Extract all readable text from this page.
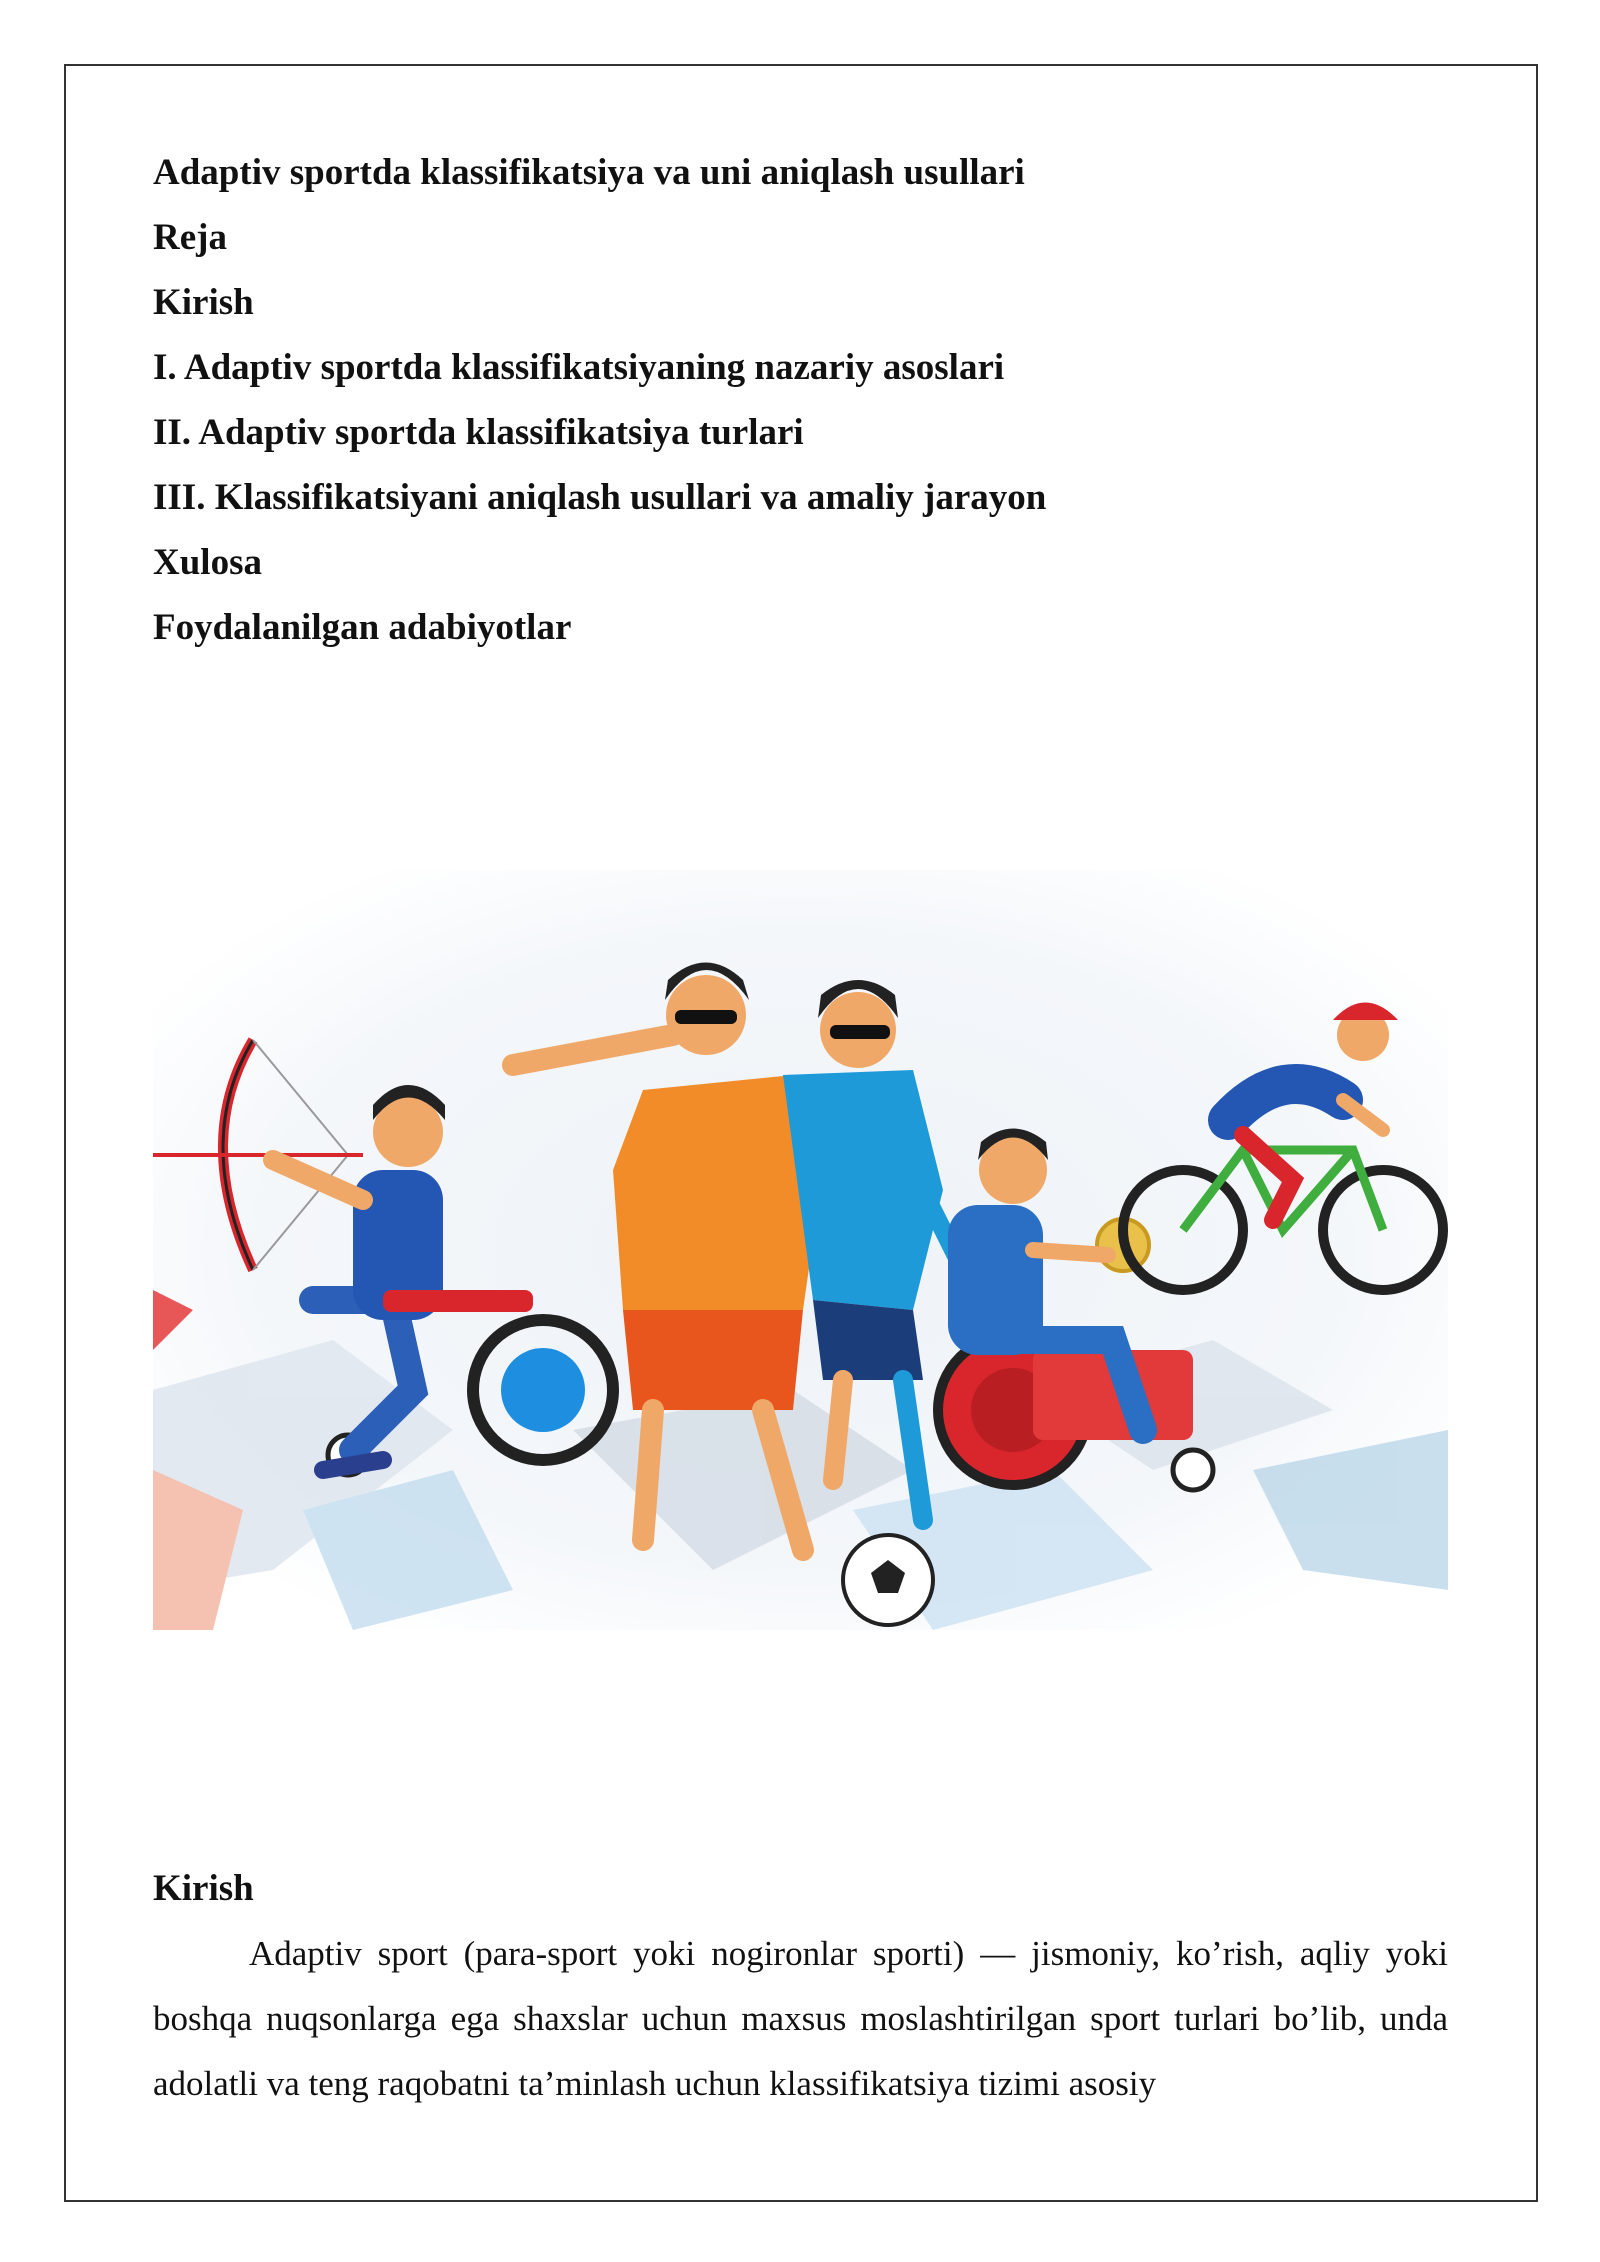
Adaptiv sportda klassifikatsiya va uni aniqlash usullari

Reja

Kirish

I. Adaptiv sportda klassifikatsiyaning nazariy asoslari

II. Adaptiv sportda klassifikatsiya turlari

III. Klassifikatsiyani aniqlash usullari va amaliy jarayon

Xulosa

Foydalanilgan adabiyotlar

Kirish

Adaptiv sport (para-sport yoki nogironlar sporti) — jismoniy, ko’rish, aqliy yoki boshqa nuqsonlarga ega shaxslar uchun maxsus moslashtirilgan sport turlari bo’lib, unda adolatli va teng raqobatni ta’minlash uchun klassifikatsiya tizimi asosiy
